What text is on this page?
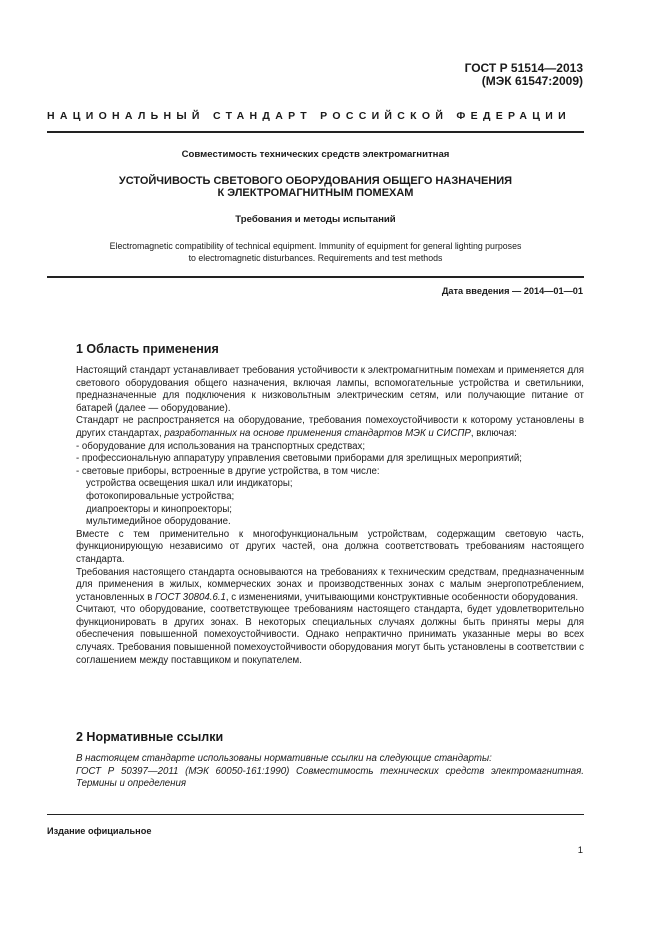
ГОСТ Р 51514—2013
(МЭК 61547:2009)
НАЦИОНАЛЬНЫЙ СТАНДАРТ РОССИЙСКОЙ ФЕДЕРАЦИИ
Совместимость технических средств электромагнитная
УСТОЙЧИВОСТЬ СВЕТОВОГО ОБОРУДОВАНИЯ ОБЩЕГО НАЗНАЧЕНИЯ
К ЭЛЕКТРОМАГНИТНЫМ ПОМЕХАМ
Требования и методы испытаний
Electromagnetic compatibility of technical equipment. Immunity of equipment for general lighting purposes
to electromagnetic disturbances. Requirements and test methods
Дата введения — 2014—01—01
1 Область применения

Настоящий стандарт устанавливает требования устойчивости к электромагнитным помехам и применяется для светового оборудования общего назначения, включая лампы, вспомогательные устройства и светильники, предназначенные для подключения к низковольтным электрическим сетям, или получающие питание от батарей (далее — оборудование).

Стандарт не распространяется на оборудование, требования помехоустойчивости к которому установлены в других стандартах, разработанных на основе применения стандартов МЭК и СИСПР, включая:

- оборудование для использования на транспортных средствах;

- профессиональную аппаратуру управления световыми приборами для зрелищных мероприятий;

- световые приборы, встроенные в другие устройства, в том числе:

устройства освещения шкал или индикаторы;

фотокопировальные устройства;

диапроекторы и кинопроекторы;

мультимедийное оборудование.

Вместе с тем применительно к многофункциональным устройствам, содержащим световую часть, функционирующую независимо от других частей, она должна соответствовать требованиям настоящего стандарта.

Требования настоящего стандарта основываются на требованиях к техническим средствам, предназначенным для применения в жилых, коммерческих зонах и производственных зонах с малым энергопотреблением, установленных в ГОСТ 30804.6.1, с изменениями, учитывающими конструктивные особенности оборудования.

Считают, что оборудование, соответствующее требованиям настоящего стандарта, будет удовлетворительно функционировать в других зонах. В некоторых специальных случаях должны быть приняты меры для обеспечения повышенной помехоустойчивости. Однако непрактично принимать указанные меры во всех случаях. Требования повышенной помехоустойчивости оборудования могут быть установлены в соответствии с соглашением между поставщиком и покупателем.

2 Нормативные ссылки

В настоящем стандарте использованы нормативные ссылки на следующие стандарты:

ГОСТ Р 50397—2011 (МЭК 60050-161:1990) Совместимость технических средств электромагнитная. Термины и определения

Издание официальное
1
